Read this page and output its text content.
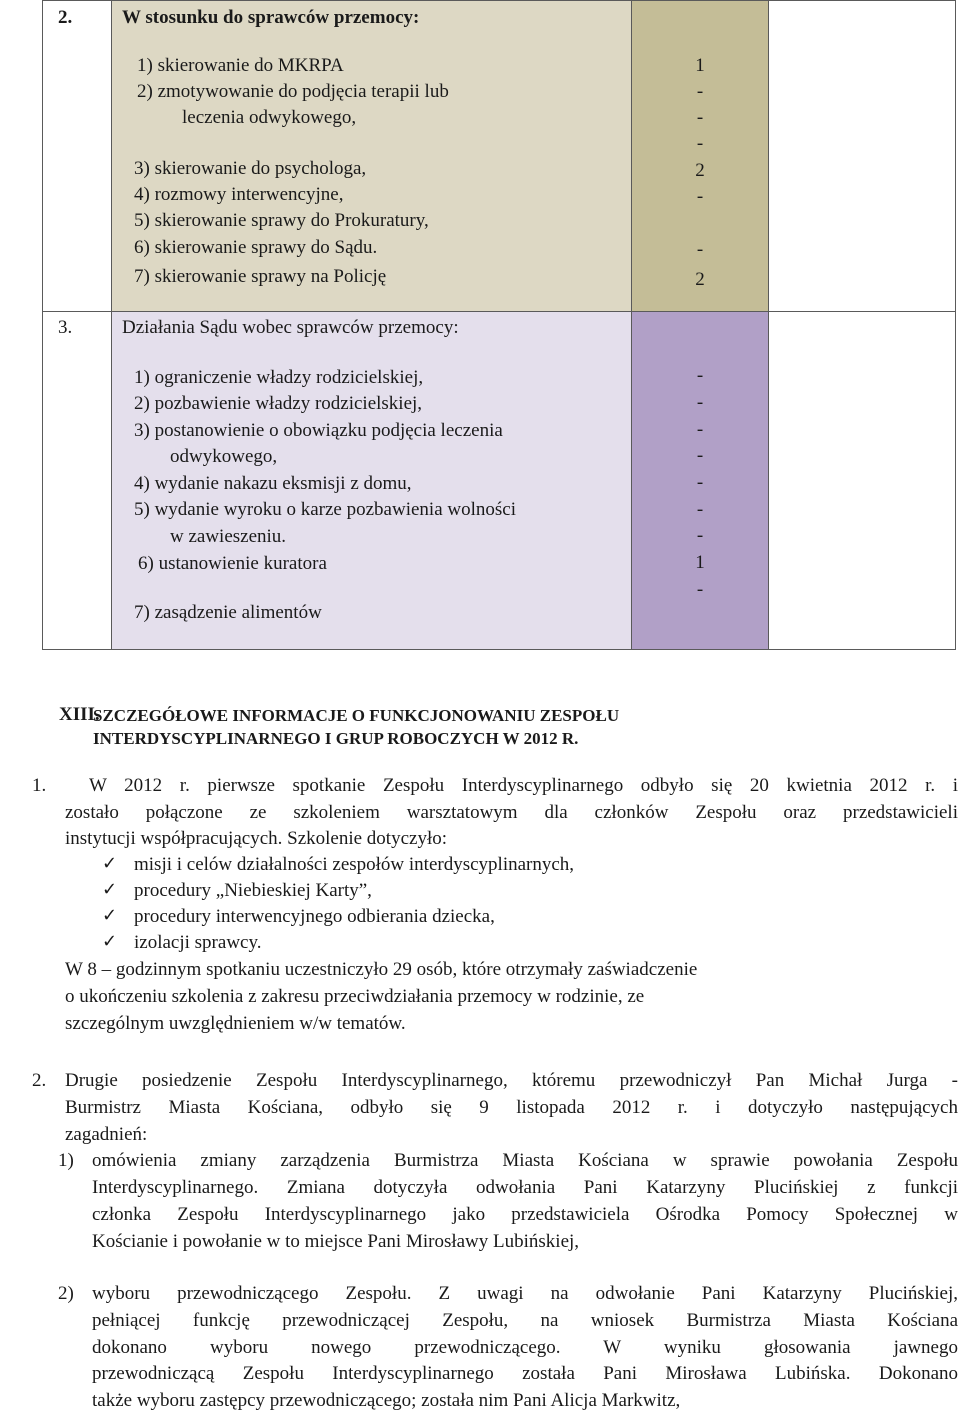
2.	W stosunku do sprawców przemocy:
1) skierowanie do MKRPA
2) zmotywowanie do podjęcia terapii lub
leczenia odwykowego,
3) skierowanie do psychologa,
4) rozmowy interwencyjne,
5) skierowanie sprawy do Prokuratury,
6) skierowanie sprawy do Sądu.
7) skierowanie sprawy na Policję
1
-
-
-
2
-
-
2
3.	Działania Sądu wobec sprawców przemocy:
1) ograniczenie władzy rodzicielskiej,
2) pozbawienie władzy rodzicielskiej,
3) postanowienie o obowiązku podjęcia leczenia
odwykowego,
4) wydanie nakazu eksmisji z domu,
5) wydanie wyroku o karze pozbawienia wolności
w zawieszeniu.
6) ustanowienie kuratora
7) zasądzenie alimentów
-
-
-
-
-
-
-
1
-
XIII.
SZCZEGÓŁOWE INFORMACJE O FUNKCJONOWANIU ZESPOŁU
INTERDYSCYPLINARNEGO I GRUP ROBOCZYCH W 2012 R.
1. W 2012 r. pierwsze spotkanie Zespołu Interdyscyplinarnego odbyło się 20 kwietnia 2012 r. i
zostało połączone ze szkoleniem warsztatowym dla członków Zespołu oraz przedstawicieli
instytucji współpracujących. Szkolenie dotyczyło:
✓ misji i celów działalności zespołów interdyscyplinarnych,
✓ procedury „Niebieskiej Karty”,
✓ procedury interwencyjnego odbierania dziecka,
✓ izolacji sprawcy.
W 8 – godzinnym spotkaniu uczestniczyło 29 osób, które otrzymały zaświadczenie
o ukończeniu szkolenia z zakresu przeciwdziałania przemocy w rodzinie, ze
szczególnym uwzględnieniem w/w tematów.
2. Drugie posiedzenie Zespołu Interdyscyplinarnego, któremu przewodniczył Pan Michał Jurga -
Burmistrz Miasta Kościana, odbyło się 9 listopada 2012 r. i dotyczyło następujących
zagadnień:
1) omówienia zmiany zarządzenia Burmistrza Miasta Kościana w sprawie powołania Zespołu
Interdyscyplinarnego. Zmiana dotyczyła odwołania Pani Katarzyny Plucińskiej z funkcji
członka Zespołu Interdyscyplinarnego jako przedstawiciela Ośrodka Pomocy Społecznej w
Kościanie i powołanie w to miejsce Pani Mirosławy Lubińskiej,
2) wyboru przewodniczącego Zespołu. Z uwagi na odwołanie Pani Katarzyny Plucińskiej,
pełniącej funkcję przewodniczącej Zespołu, na wniosek Burmistrza Miasta Kościana
dokonano wyboru nowego przewodniczącego. W wyniku głosowania jawnego
przewodniczącą Zespołu Interdyscyplinarnego została Pani Mirosława Lubińska. Dokonano
także wyboru zastępcy przewodniczącego; została nim Pani Alicja Markwitz,
